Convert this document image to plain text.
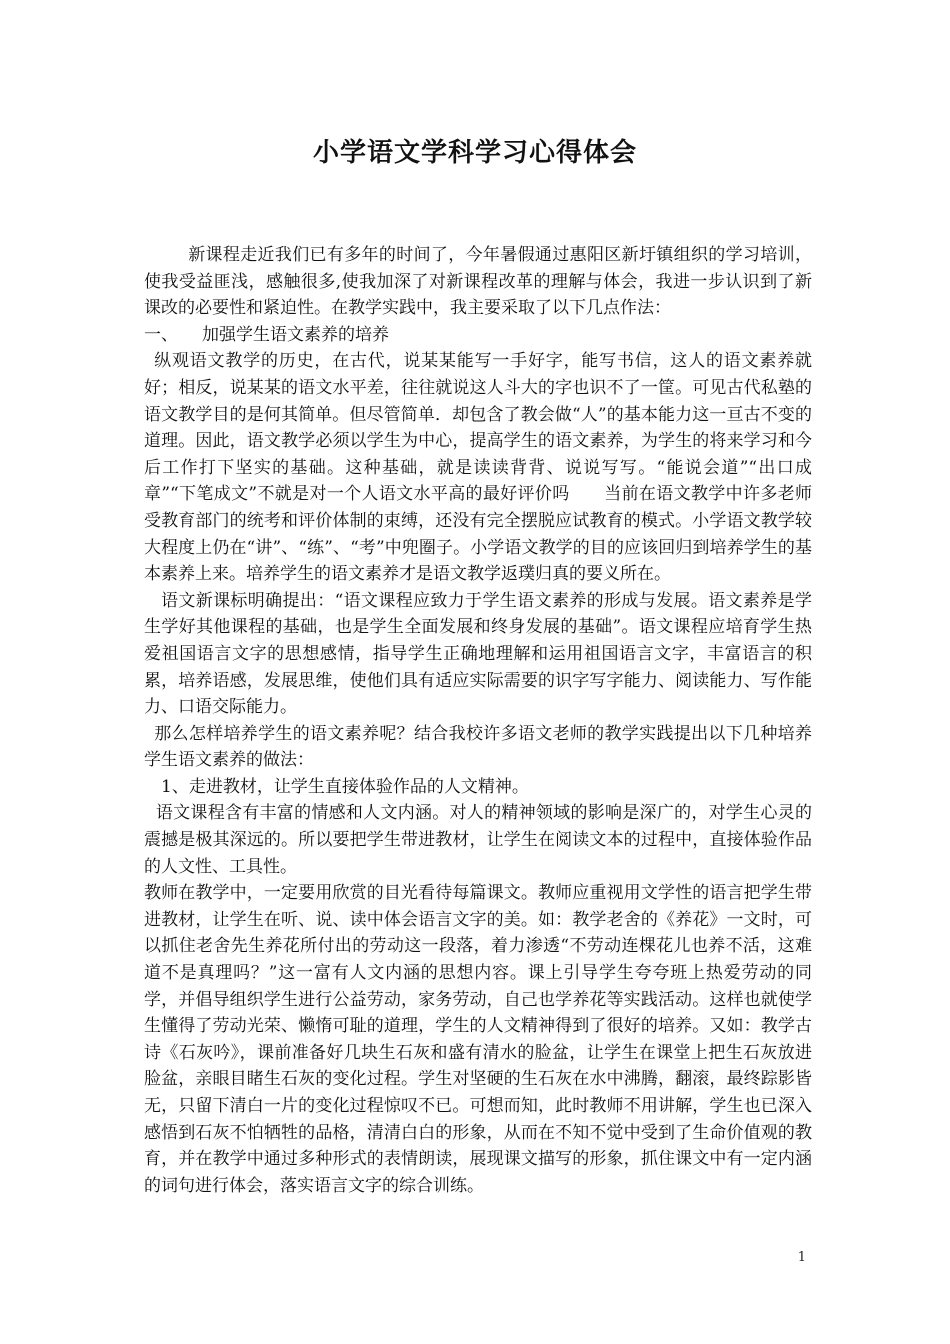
小学语文学科学习心得体会

新课程走近我们已有多年的时间了，今年暑假通过惠阳区新圩镇组织的学习培训，使我受益匪浅，感触很多,使我加深了对新课程改革的理解与体会，我进一步认识到了新课改的必要性和紧迫性。在教学实践中，我主要采取了以下几点作法：

一、 加强学生语文素养的培养

纵观语文教学的历史，在古代，说某某能写一手好字，能写书信，这人的语文素养就好；相反，说某某的语文水平差，往往就说这人斗大的字也识不了一筐。可见古代私塾的语文教学目的是何其简单。但尽管简单．却包含了教会做“人”的基本能力这一亘古不变的道理。因此，语文教学必须以学生为中心，提高学生的语文素养，为学生的将来学习和今后工作打下坚实的基础。这种基础，就是读读背背、说说写写。“能说会道”“出口成章”“下笔成文”不就是对一个人语文水平高的最好评价吗　　当前在语文教学中许多老师受教育部门的统考和评价体制的束缚，还没有完全摆脱应试教育的模式。小学语文教学较大程度上仍在“讲”、“练”、“考”中兜圈子。小学语文教学的目的应该回归到培养学生的基本素养上来。培养学生的语文素养才是语文教学返璞归真的要义所在。

语文新课标明确提出：“语文课程应致力于学生语文素养的形成与发展。语文素养是学生学好其他课程的基础，也是学生全面发展和终身发展的基础”。语文课程应培育学生热爱祖国语言文字的思想感情，指导学生正确地理解和运用祖国语言文字，丰富语言的积累，培养语感，发展思维，使他们具有适应实际需要的识字写字能力、阅读能力、写作能力、口语交际能力。

那么怎样培养学生的语文素养呢？结合我校许多语文老师的教学实践提出以下几种培养学生语文素养的做法：

1、走进教材，让学生直接体验作品的人文精神。

语文课程含有丰富的情感和人文内涵。对人的精神领域的影响是深广的，对学生心灵的震撼是极其深远的。所以要把学生带进教材，让学生在阅读文本的过程中，直接体验作品的人文性、工具性。

教师在教学中，一定要用欣赏的目光看待每篇课文。教师应重视用文学性的语言把学生带进教材，让学生在听、说、读中体会语言文字的美。如：教学老舍的《养花》一文时，可以抓住老舍先生养花所付出的劳动这一段落，着力渗透“不劳动连棵花儿也养不活，这难道不是真理吗？”这一富有人文内涵的思想内容。课上引导学生夸夸班上热爱劳动的同学，并倡导组织学生进行公益劳动，家务劳动，自己也学养花等实践活动。这样也就使学生懂得了劳动光荣、懒惰可耻的道理，学生的人文精神得到了很好的培养。又如：教学古诗《石灰吟》，课前准备好几块生石灰和盛有清水的脸盆，让学生在课堂上把生石灰放进脸盆，亲眼目睹生石灰的变化过程。学生对坚硬的生石灰在水中沸腾，翻滚，最终踪影皆无，只留下清白一片的变化过程惊叹不已。可想而知，此时教师不用讲解，学生也已深入感悟到石灰不怕牺牲的品格，清清白白的形象，从而在不知不觉中受到了生命价值观的教育，并在教学中通过多种形式的表情朗读，展现课文描写的形象，抓住课文中有一定内涵的词句进行体会，落实语言文字的综合训练。

1
